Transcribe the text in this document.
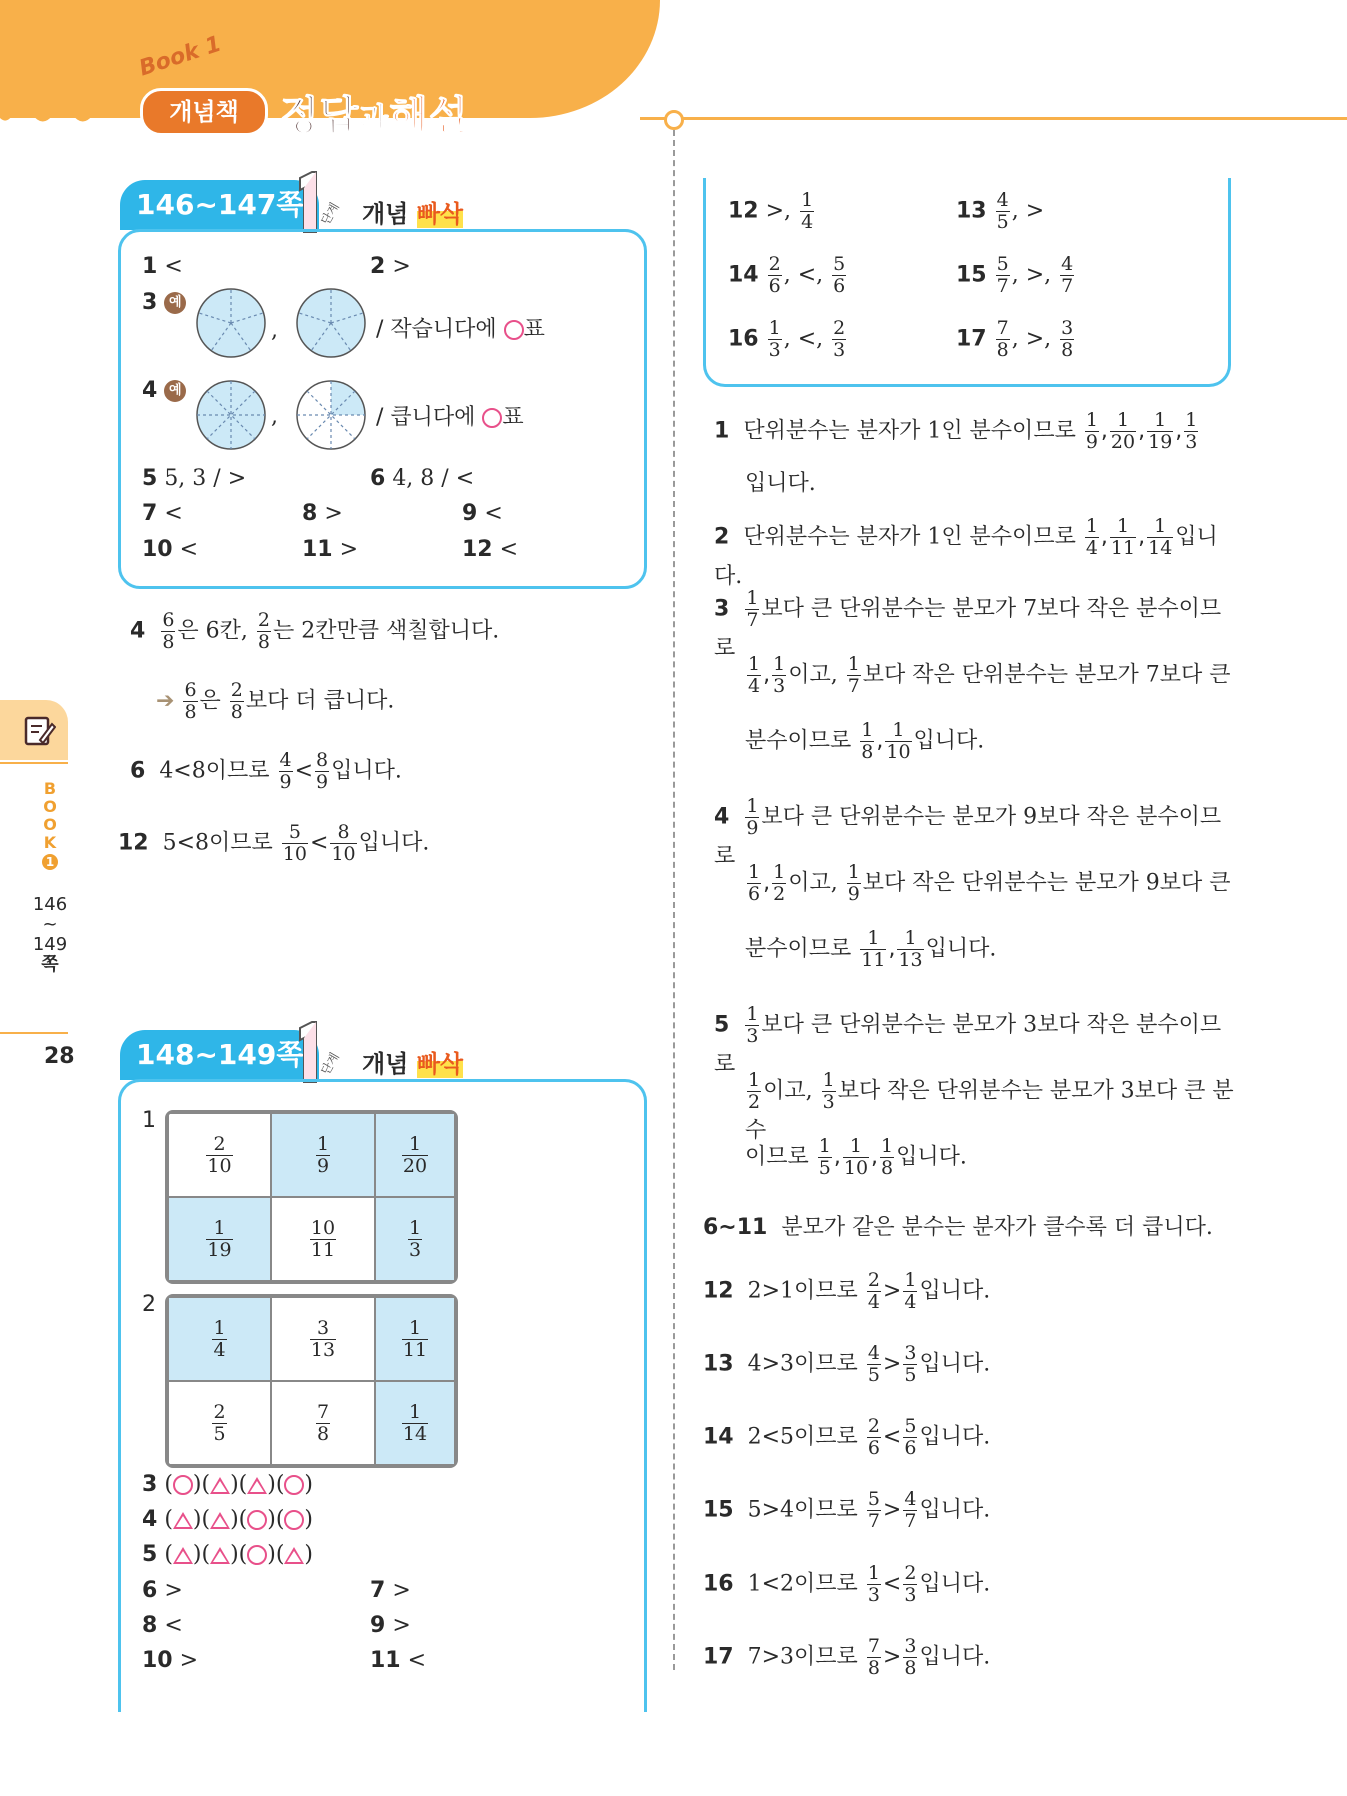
Book 1
개념책	정답과해설
B
O
O
K
1
146
~
149
쪽
28
146~147쪽	단계 개념 빠삭
1 <	2 >
3 예
,	/ 작습니다에 표
4 예
,	/ 큽니다에 표
5 5, 3 / >	6 4, 8 / <
7 <	8 >	9 <
10 <	11 >	12 <
$4 \frac{6}{8}$ 은 6칸, $\frac{2}{8}$ 는 2칸만큼 색칠합니다.
➔ $\frac{6}{8}$ 은 $\frac{2}{8}$ 보다 더 큽니다.
6 4<8이므로 $\frac{4}{9} < \frac{8}{9}$ 입니다.
12 5<8이므로 $\frac{5}{10} < \frac{8}{10}$ 입니다.
148~149쪽	단계 개념 빠삭
1
$\frac{2}{10}$	$\frac{1}{9}$	$\frac{1}{20}$
$\frac{1}{19}$	$\frac{10}{11}$	$\frac{1}{3}$
2
$\frac{1}{4}$	$\frac{3}{13}$	$\frac{1}{11}$
$\frac{2}{5}$	$\frac{7}{8}$	$\frac{1}{14}$
3 ( )( )( )( )
4 ( )( )( )( )
5 ( )( )( )( )
6 >	7 >
8 <	9 >
10 >	11 <
12 >, $\frac{1}{4}$	$13 \frac{4}{5}$ , >
$14 \frac{2}{6}$ , <, $\frac{5}{6}$	$15 \frac{5}{7}$ , >, $\frac{4}{7}$
$16 \frac{1}{3}$ , <, $\frac{2}{3}$	$17 \frac{7}{8}$ , >, $\frac{3}{8}$
1 단위분수는 분자가 1인 분수이므로 $\frac{1}{9}$ , $\frac{1}{20}$ , $\frac{1}{19}$ , $\frac{1}{3}$
입니다.
2 단위분수는 분자가 1인 분수이므로 $\frac{1}{4}$ , $\frac{1}{11}$ , $\frac{1}{14}$ 입니다.
$3 \frac{1}{7}$ 보다 큰 단위분수는 분모가 7보다 작은 분수이므로
$\frac{1}{4}$ , $\frac{1}{3}$ 이고, $\frac{1}{7}$ 보다 작은 단위분수는 분모가 7보다 큰
분수이므로 $\frac{1}{8}$ , $\frac{1}{10}$ 입니다.
$4 \frac{1}{9}$ 보다 큰 단위분수는 분모가 9보다 작은 분수이므로
$\frac{1}{6}$ , $\frac{1}{2}$ 이고, $\frac{1}{9}$ 보다 작은 단위분수는 분모가 9보다 큰
분수이므로 $\frac{1}{11}$ , $\frac{1}{13}$ 입니다.
$5 \frac{1}{3}$ 보다 큰 단위분수는 분모가 3보다 작은 분수이므로
$\frac{1}{2}$ 이고, $\frac{1}{3}$ 보다 작은 단위분수는 분모가 3보다 큰 분수
이므로 $\frac{1}{5}$ , $\frac{1}{10}$ , $\frac{1}{8}$ 입니다.
6~11 분모가 같은 분수는 분자가 클수록 더 큽니다.
12 2>1이므로 $\frac{2}{4} > \frac{1}{4}$ 입니다.
13 4>3이므로 $\frac{4}{5} > \frac{3}{5}$ 입니다.
14 2<5이므로 $\frac{2}{6} < \frac{5}{6}$ 입니다.
15 5>4이므로 $\frac{5}{7} > \frac{4}{7}$ 입니다.
16 1<2이므로 $\frac{1}{3} < \frac{2}{3}$ 입니다.
17 7>3이므로 $\frac{7}{8} > \frac{3}{8}$ 입니다.
